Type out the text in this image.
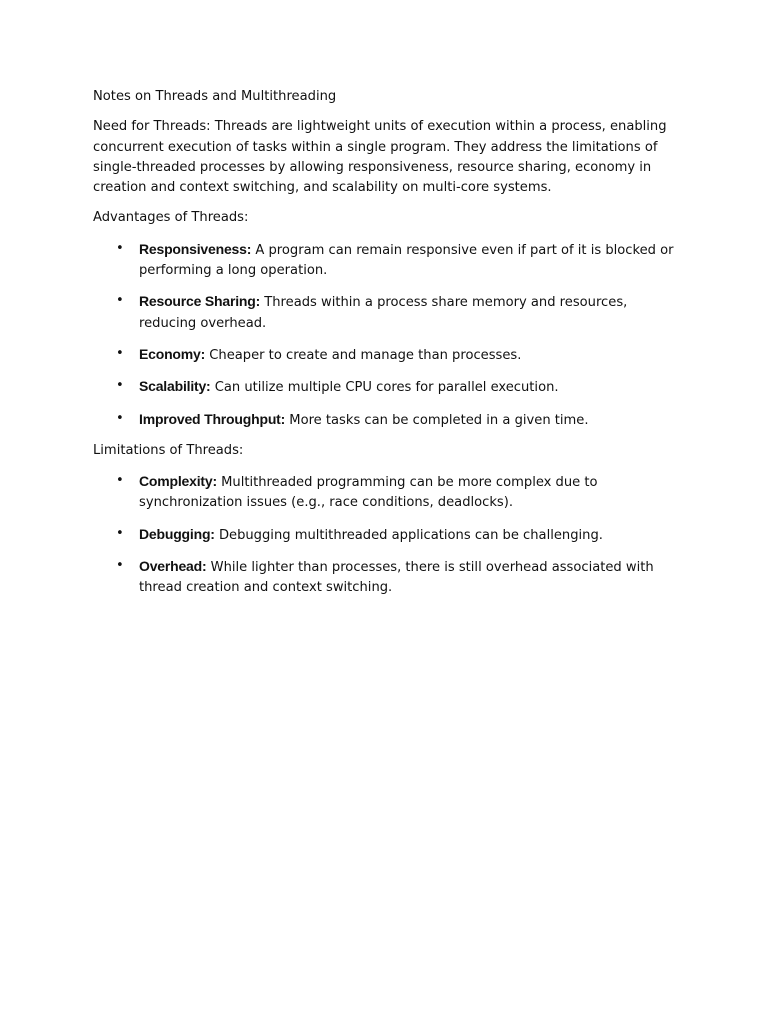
Notes on Threads and Multithreading

Need for Threads: Threads are lightweight units of execution within a process, enabling concurrent execution of tasks within a single program. They address the limitations of single-threaded processes by allowing responsiveness, resource sharing, economy in creation and context switching, and scalability on multi-core systems.

Advantages of Threads:

• Responsiveness: A program can remain responsive even if part of it is blocked or performing a long operation.
• Resource Sharing: Threads within a process share memory and resources, reducing overhead.
• Economy: Cheaper to create and manage than processes.
• Scalability: Can utilize multiple CPU cores for parallel execution.
• Improved Throughput: More tasks can be completed in a given time.

Limitations of Threads:

• Complexity: Multithreaded programming can be more complex due to synchronization issues (e.g., race conditions, deadlocks).
• Debugging: Debugging multithreaded applications can be challenging.
• Overhead: While lighter than processes, there is still overhead associated with thread creation and context switching.
